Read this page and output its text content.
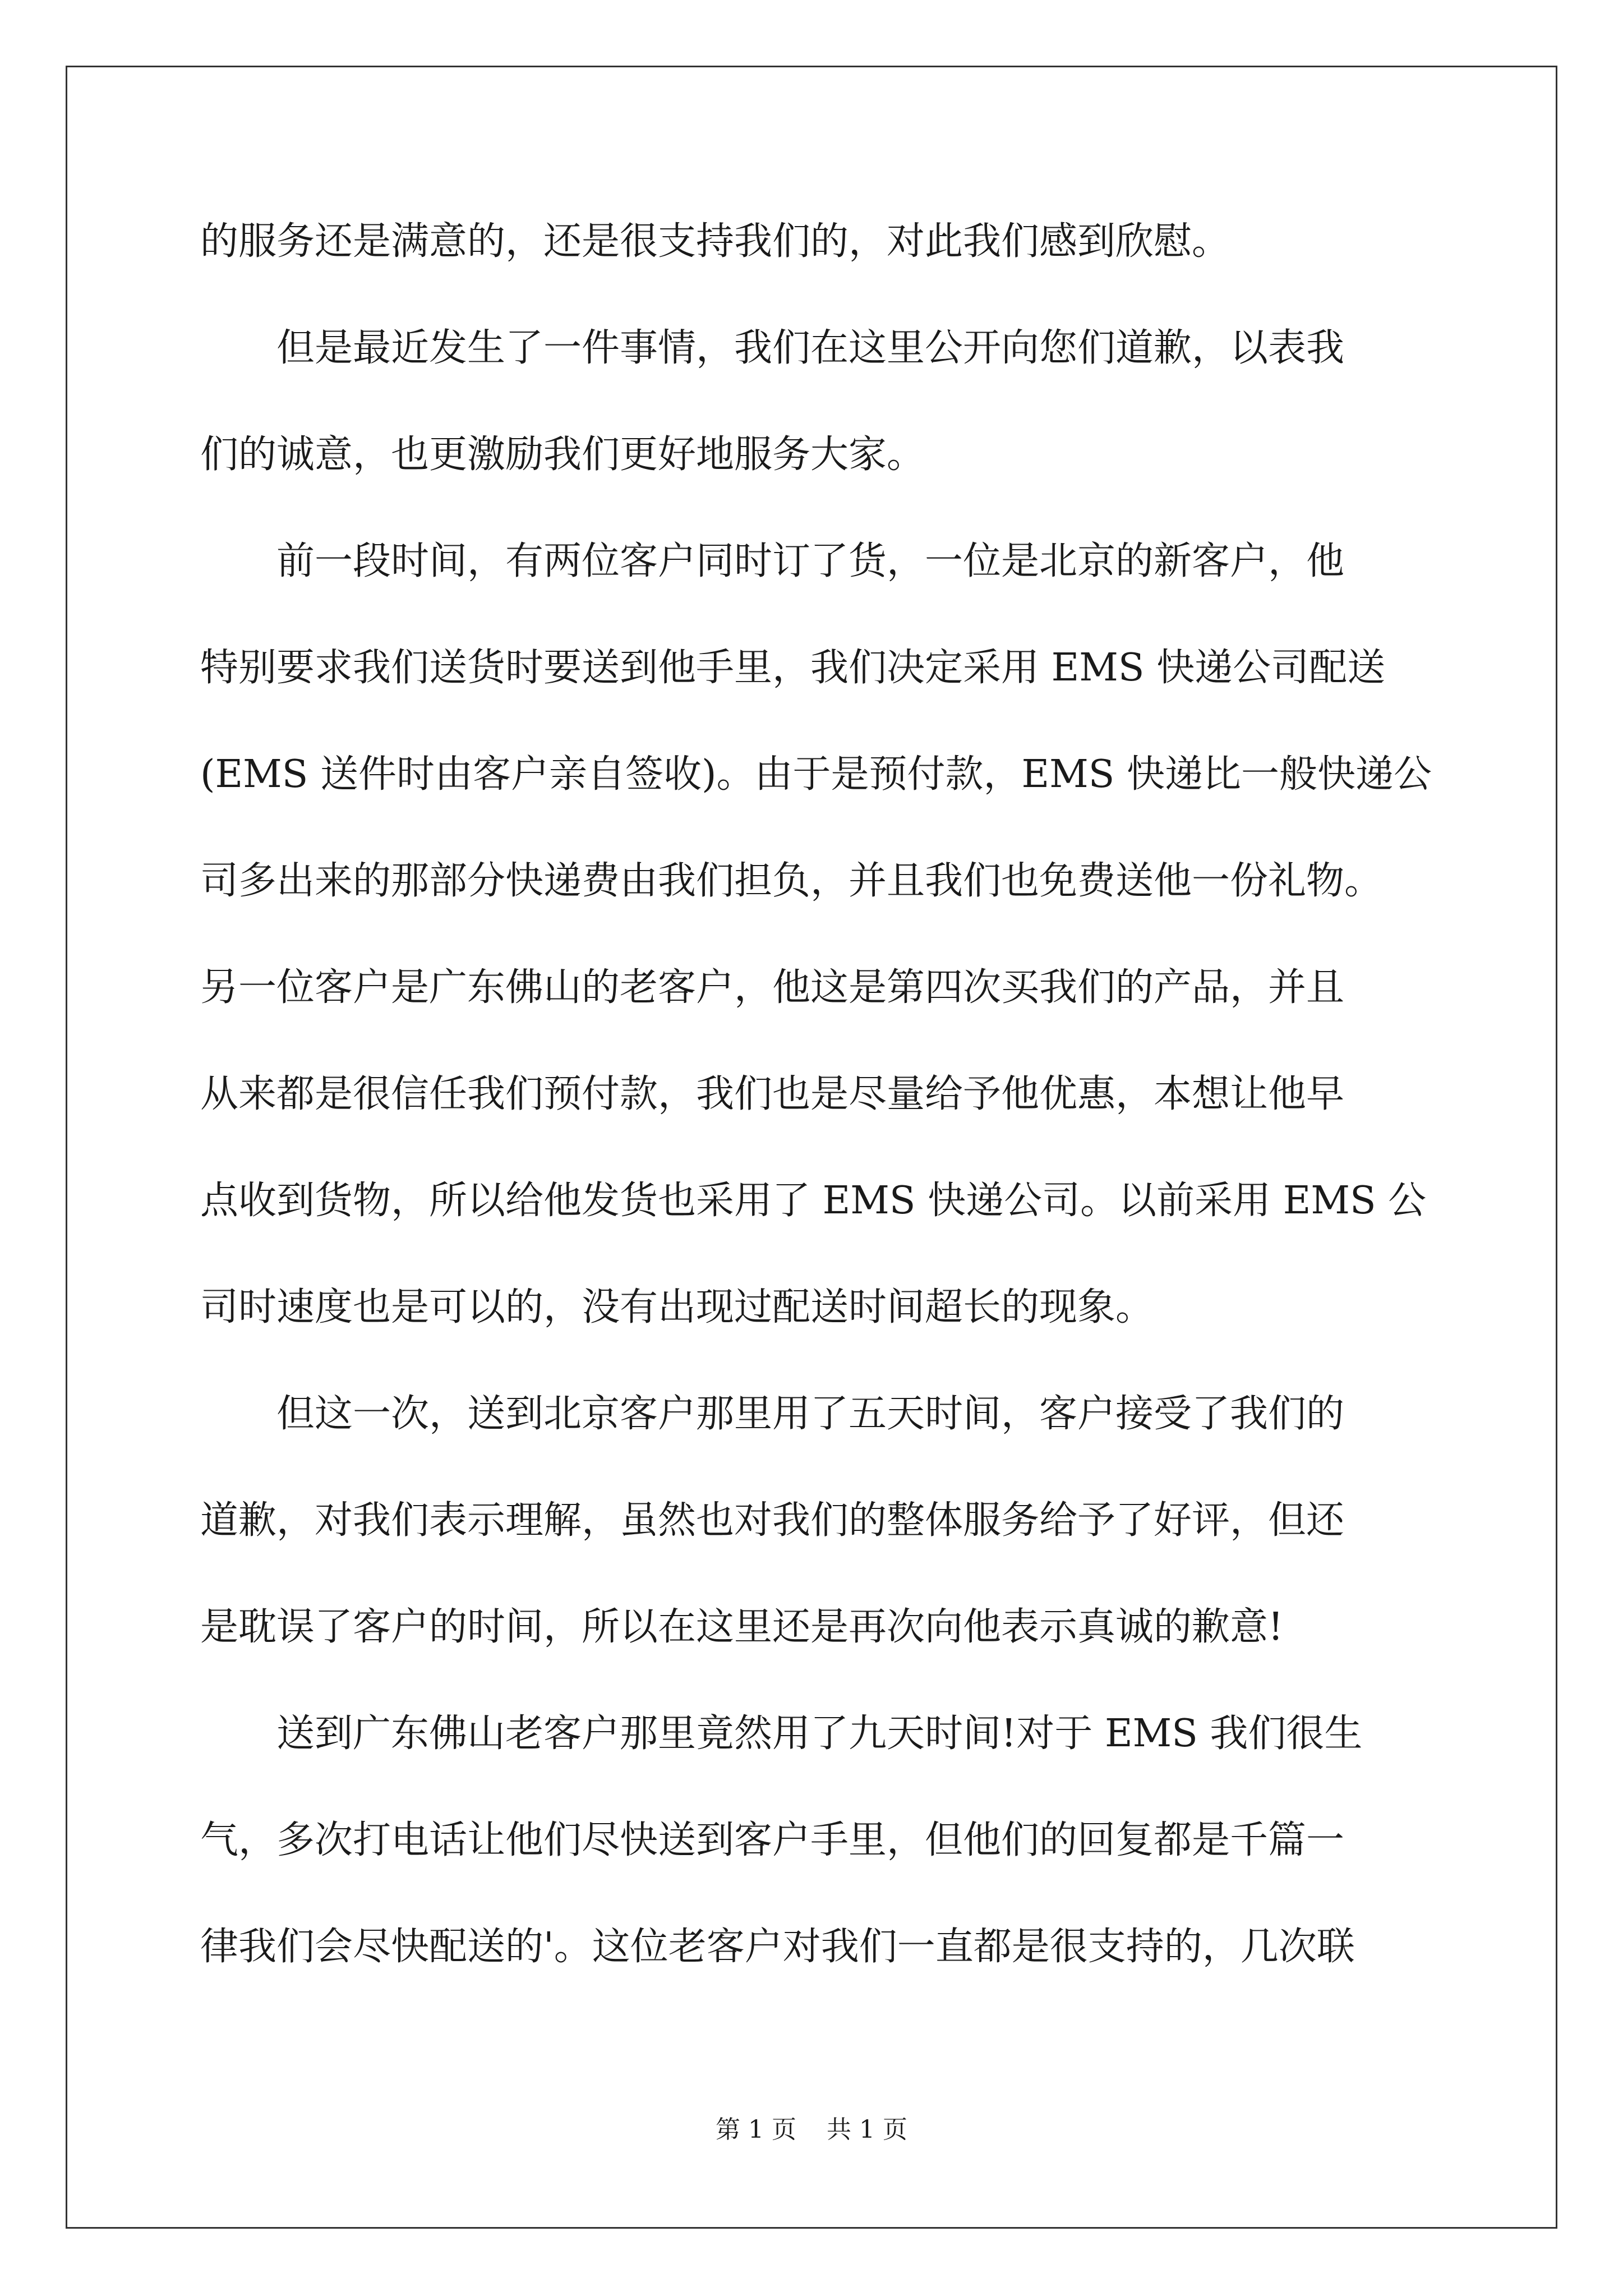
的服务还是满意的，还是很支持我们的，对此我们感到欣慰。
　　但是最近发生了一件事情，我们在这里公开向您们道歉，以表我
们的诚意，也更激励我们更好地服务大家。
　　前一段时间，有两位客户同时订了货，一位是北京的新客户，他
特别要求我们送货时要送到他手里，我们决定采用 EMS 快递公司配送
(EMS 送件时由客户亲自签收)。由于是预付款，EMS 快递比一般快递公
司多出来的那部分快递费由我们担负，并且我们也免费送他一份礼物。
另一位客户是广东佛山的老客户，他这是第四次买我们的产品，并且
从来都是很信任我们预付款，我们也是尽量给予他优惠，本想让他早
点收到货物，所以给他发货也采用了 EMS 快递公司。以前采用 EMS 公
司时速度也是可以的，没有出现过配送时间超长的现象。
　　但这一次，送到北京客户那里用了五天时间，客户接受了我们的
道歉，对我们表示理解，虽然也对我们的整体服务给予了好评，但还
是耽误了客户的时间，所以在这里还是再次向他表示真诚的歉意!
　　送到广东佛山老客户那里竟然用了九天时间!对于 EMS 我们很生
气，多次打电话让他们尽快送到客户手里，但他们的回复都是千篇一
律我们会尽快配送的'。这位老客户对我们一直都是很支持的，几次联
第 1 页 共 1 页
